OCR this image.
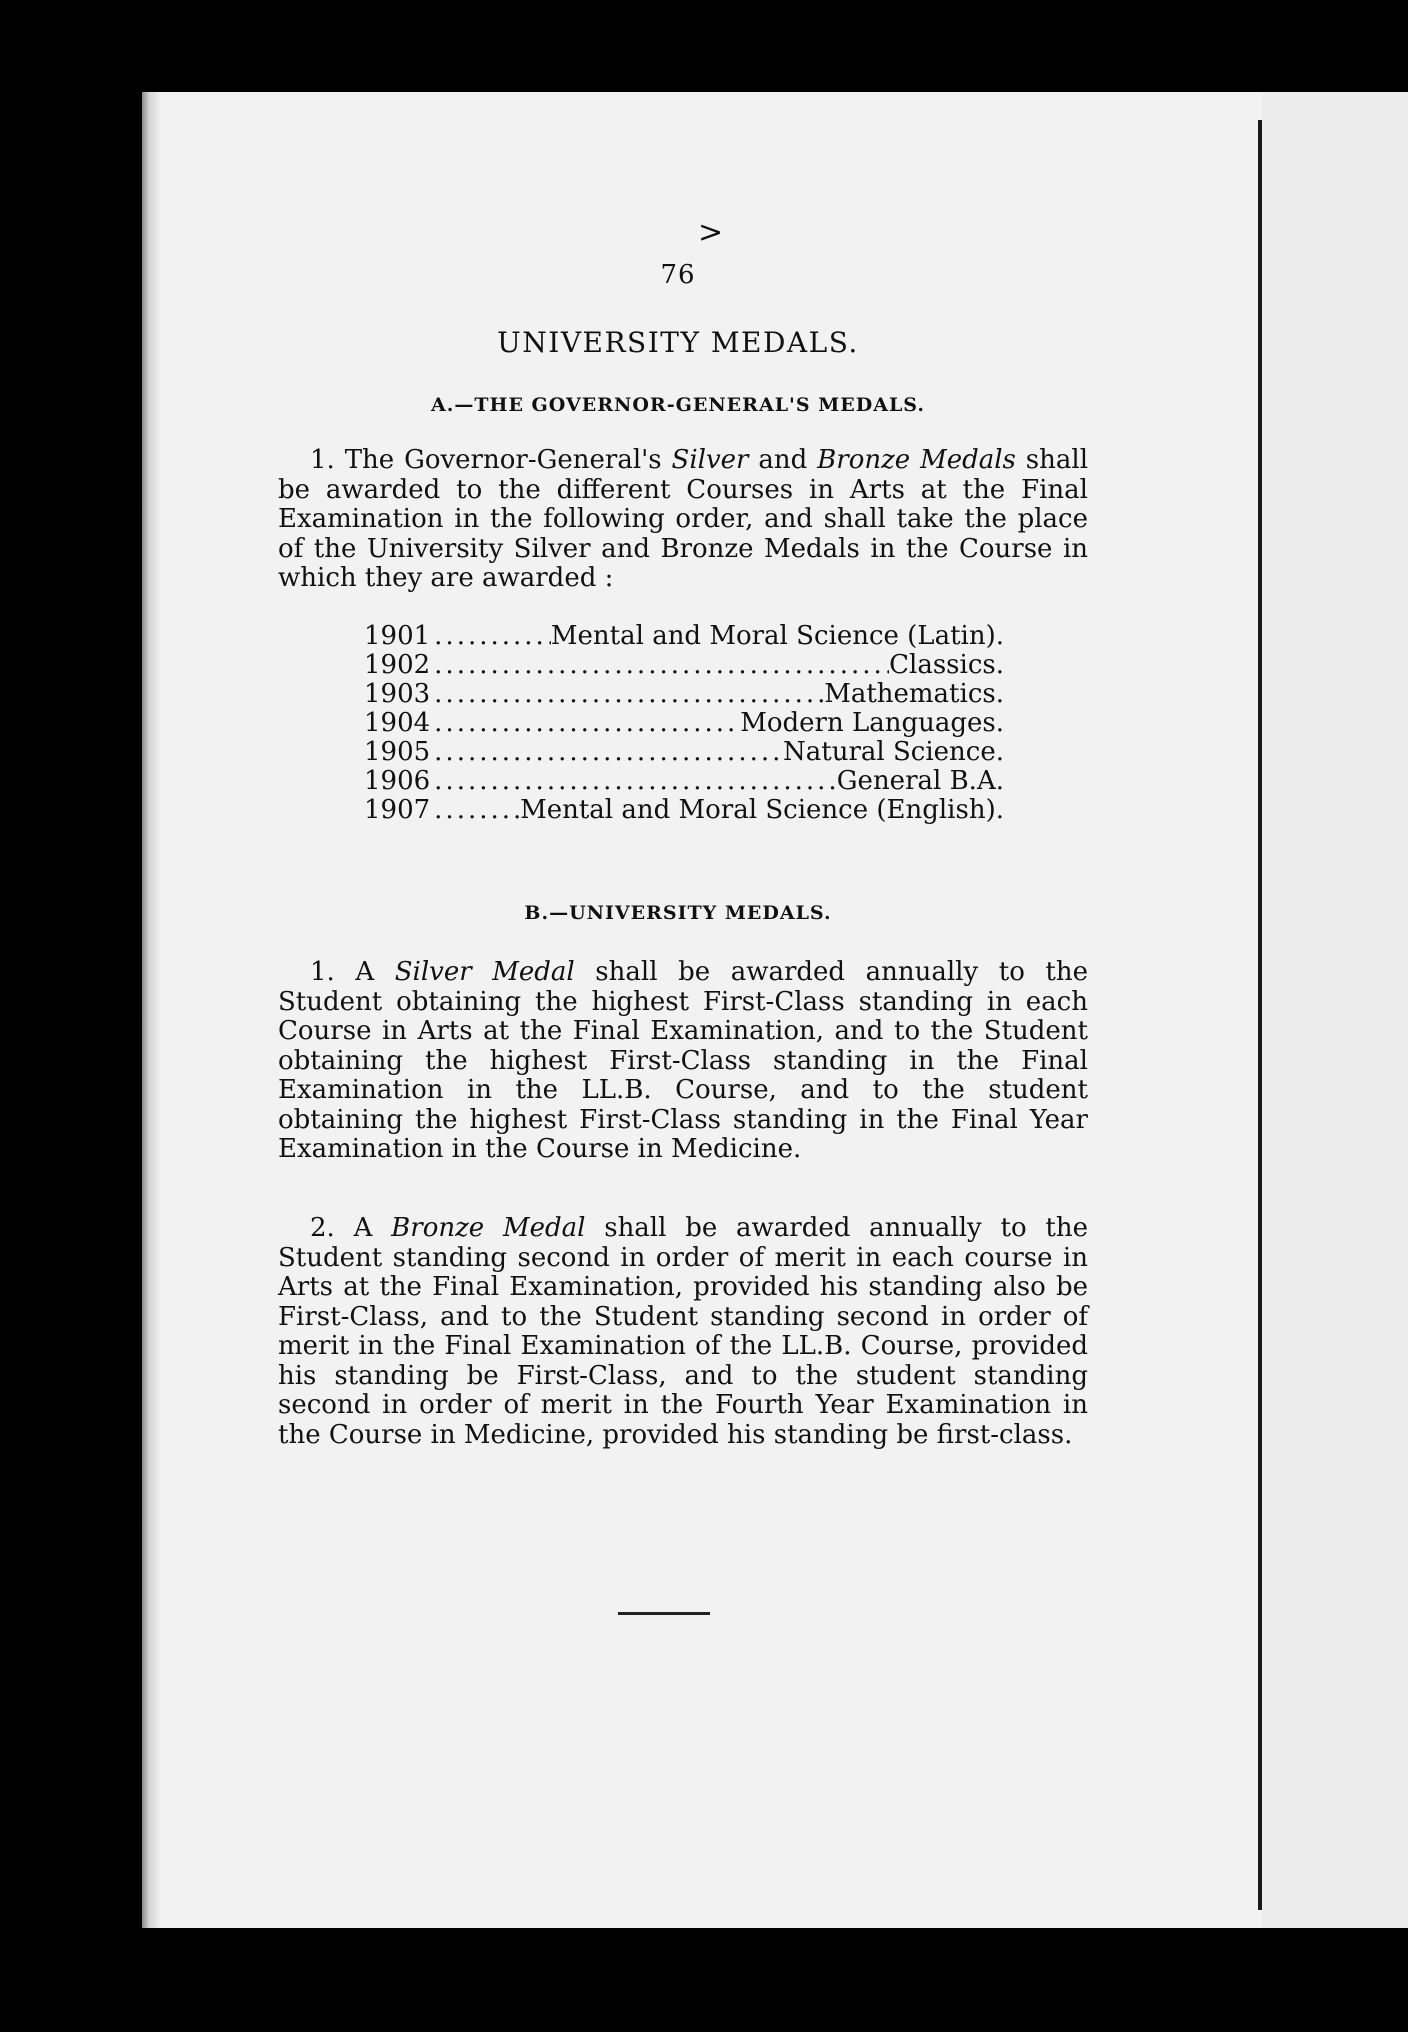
>
76
UNIVERSITY MEDALS.
A.—THE GOVERNOR-GENERAL'S MEDALS.
1. The Governor-General's Silver and Bronze Medals shall be awarded to the different Courses in Arts at the Final Examination in the following order, and shall take the place of the University Silver and Bronze Medals in the Course in which they are awarded :
1901 .....	Mental and Moral Science (Latin).
1902 .....	Classics.
1903 .....	Mathematics.
1904 .....	Modern Languages.
1905 .....	Natural Science.
1906 .....	General B.A.
1907 .....	Mental and Moral Science (English).
B.—UNIVERSITY MEDALS.
1. A Silver Medal shall be awarded annually to the Student obtaining the highest First-Class standing in each Course in Arts at the Final Examination, and to the Student obtaining the highest First-Class standing in the Final Examination in the LL.B. Course, and to the student obtaining the highest First-Class standing in the Final Year Examination in the Course in Medicine.
2. A Bronze Medal shall be awarded annually to the Student standing second in order of merit in each course in Arts at the Final Examination, provided his standing also be First-Class, and to the Student standing second in order of merit in the Final Examination of the LL.B. Course, provided his standing be First-Class, and to the student standing second in order of merit in the Fourth Year Examination in the Course in Medicine, provided his standing be first-class.
